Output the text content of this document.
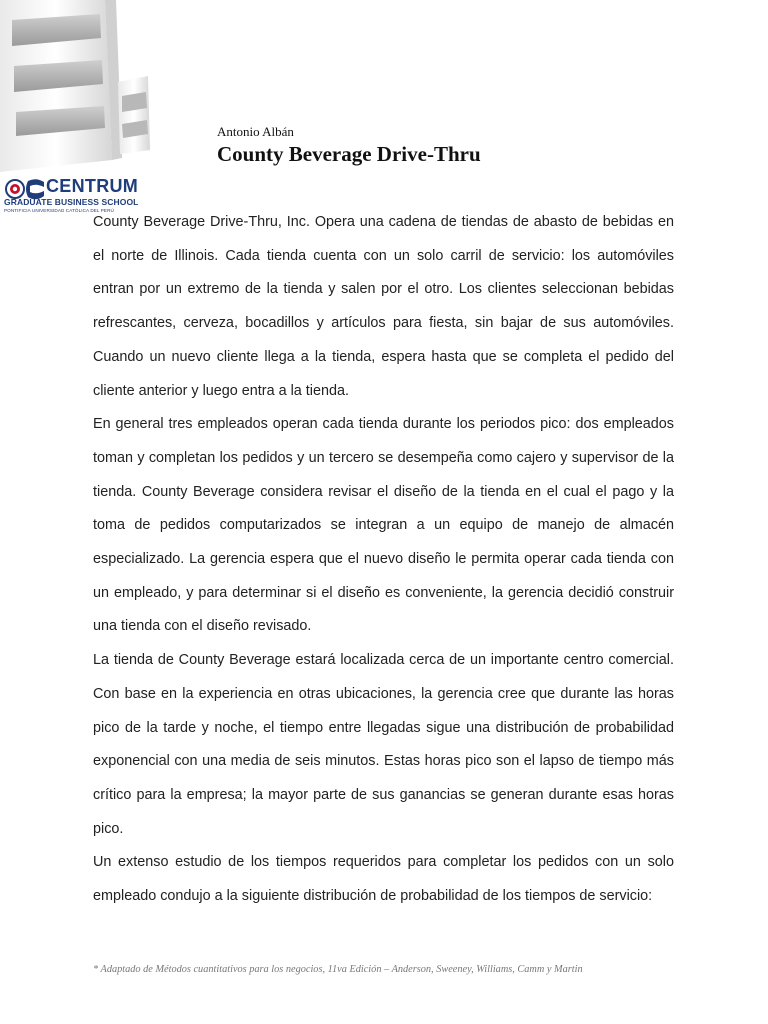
CENTRUM
GRADUATE BUSINESS SCHOOL
PONTIFICIA UNIVERSIDAD CATÓLICA DEL PERÚ
Antonio Albán
County Beverage Drive-Thru

County Beverage Drive-Thru, Inc. Opera una cadena de tiendas de abasto de bebidas en el norte de Illinois. Cada tienda cuenta con un solo carril de servicio: los automóviles entran por un extremo de la tienda y salen por el otro. Los clientes seleccionan bebidas refrescantes, cerveza, bocadillos y artículos para fiesta, sin bajar de sus automóviles. Cuando un nuevo cliente llega a la tienda, espera hasta que se completa el pedido del cliente anterior y luego entra a la tienda.

En general tres empleados operan cada tienda durante los periodos pico: dos empleados toman y completan los pedidos y un tercero se desempeña como cajero y supervisor de la tienda. County Beverage considera revisar el diseño de la tienda en el cual el pago y la toma de pedidos computarizados se integran a un equipo de manejo de almacén especializado. La gerencia espera que el nuevo diseño le permita operar cada tienda con un empleado, y para determinar si el diseño es conveniente, la gerencia decidió construir una tienda con el diseño revisado.

La tienda de County Beverage estará localizada cerca de un importante centro comercial. Con base en la experiencia en otras ubicaciones, la gerencia cree que durante las horas pico de la tarde y noche, el tiempo entre llegadas sigue una distribución de probabilidad exponencial con una media de seis minutos. Estas horas pico son el lapso de tiempo más crítico para la empresa; la mayor parte de sus ganancias se generan durante esas horas pico.

Un extenso estudio de los tiempos requeridos para completar los pedidos con un solo empleado condujo a la siguiente distribución de probabilidad de los tiempos de servicio:

* Adaptado de Métodos cuantitativos para los negocios, 11va Edición – Anderson, Sweeney, Williams, Camm y Martin
